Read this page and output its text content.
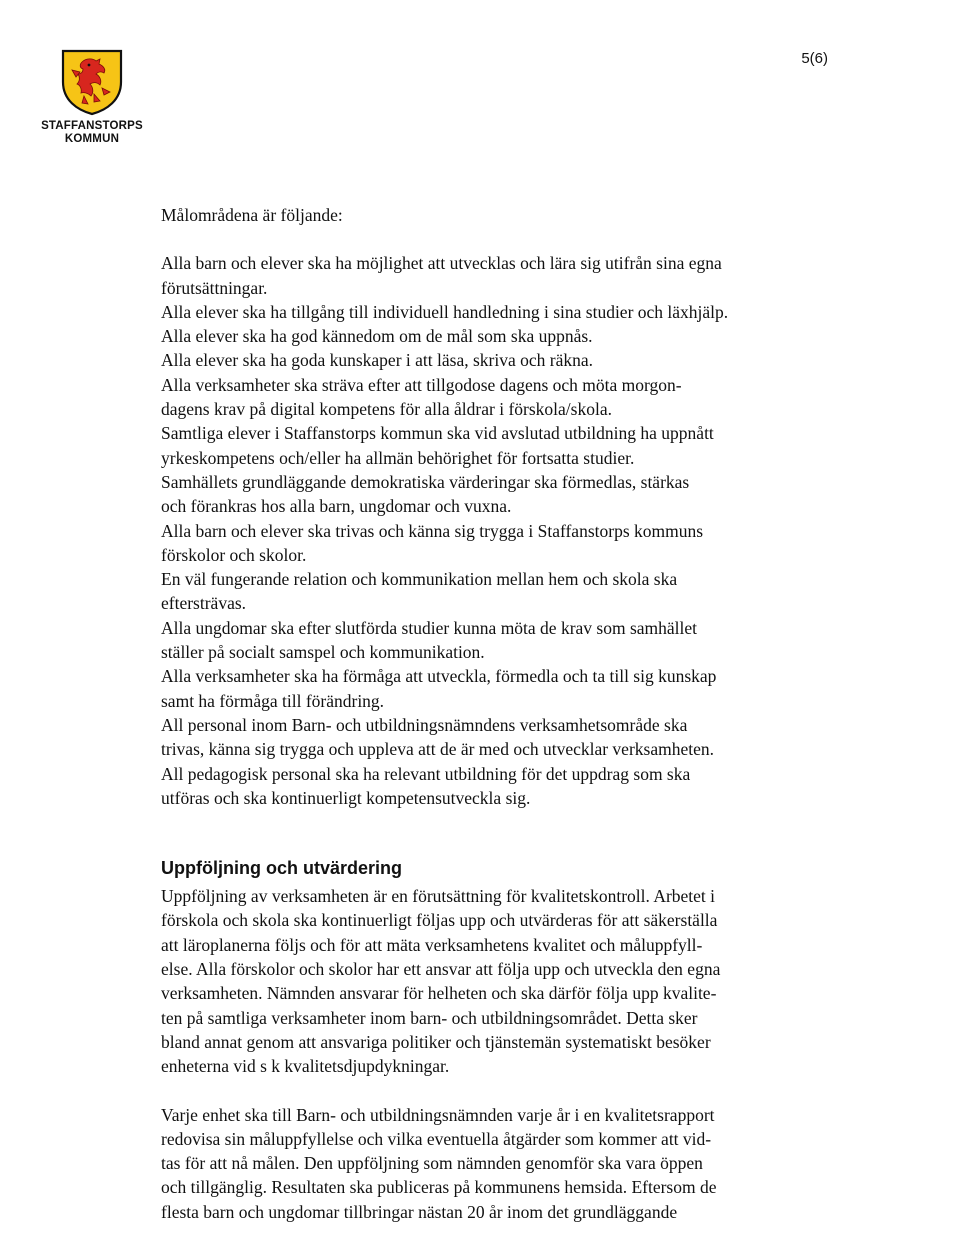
STAFFANSTORPS
KOMMUN
5(6)

Målområdena är följande:

Alla barn och elever ska ha möjlighet att utvecklas och lära sig utifrån sina egna
förutsättningar.
Alla elever ska ha tillgång till individuell handledning i sina studier och läxhjälp.
Alla elever ska ha god kännedom om de mål som ska uppnås.
Alla elever ska ha goda kunskaper i att läsa, skriva och räkna.
Alla verksamheter ska sträva efter att tillgodose dagens och möta morgon-
dagens krav på digital kompetens för alla åldrar i förskola/skola.
Samtliga elever i Staffanstorps kommun ska vid avslutad utbildning ha uppnått
yrkeskompetens och/eller ha allmän behörighet för fortsatta studier.
Samhällets grundläggande demokratiska värderingar ska förmedlas, stärkas
och förankras hos alla barn, ungdomar och vuxna.
Alla barn och elever ska trivas och känna sig trygga i Staffanstorps kommuns
förskolor och skolor.
En väl fungerande relation och kommunikation mellan hem och skola ska
eftersträvas.
Alla ungdomar ska efter slutförda studier kunna möta de krav som samhället
ställer på socialt samspel och kommunikation.
Alla verksamheter ska ha förmåga att utveckla, förmedla och ta till sig kunskap
samt ha förmåga till förändring.
All personal inom Barn- och utbildningsnämndens verksamhetsområde ska
trivas, känna sig trygga och uppleva att de är med och utvecklar verksamheten.
All pedagogisk personal ska ha relevant utbildning för det uppdrag som ska
utföras och ska kontinuerligt kompetensutveckla sig.
Uppföljning och utvärdering

Uppföljning av verksamheten är en förutsättning för kvalitetskontroll. Arbetet i
förskola och skola ska kontinuerligt följas upp och utvärderas för att säkerställa
att läroplanerna följs och för att mäta verksamhetens kvalitet och måluppfyll-
else. Alla förskolor och skolor har ett ansvar att följa upp och utveckla den egna
verksamheten. Nämnden ansvarar för helheten och ska därför följa upp kvalite-
ten på samtliga verksamheter inom barn- och utbildningsområdet. Detta sker
bland annat genom att ansvariga politiker och tjänstemän systematiskt besöker
enheterna vid s k kvalitetsdjupdykningar.

Varje enhet ska till Barn- och utbildningsnämnden varje år i en kvalitetsrapport
redovisa sin måluppfyllelse och vilka eventuella åtgärder som kommer att vid-
tas för att nå målen. Den uppföljning som nämnden genomför ska vara öppen
och tillgänglig. Resultaten ska publiceras på kommunens hemsida. Eftersom de
flesta barn och ungdomar tillbringar nästan 20 år inom det grundläggande
